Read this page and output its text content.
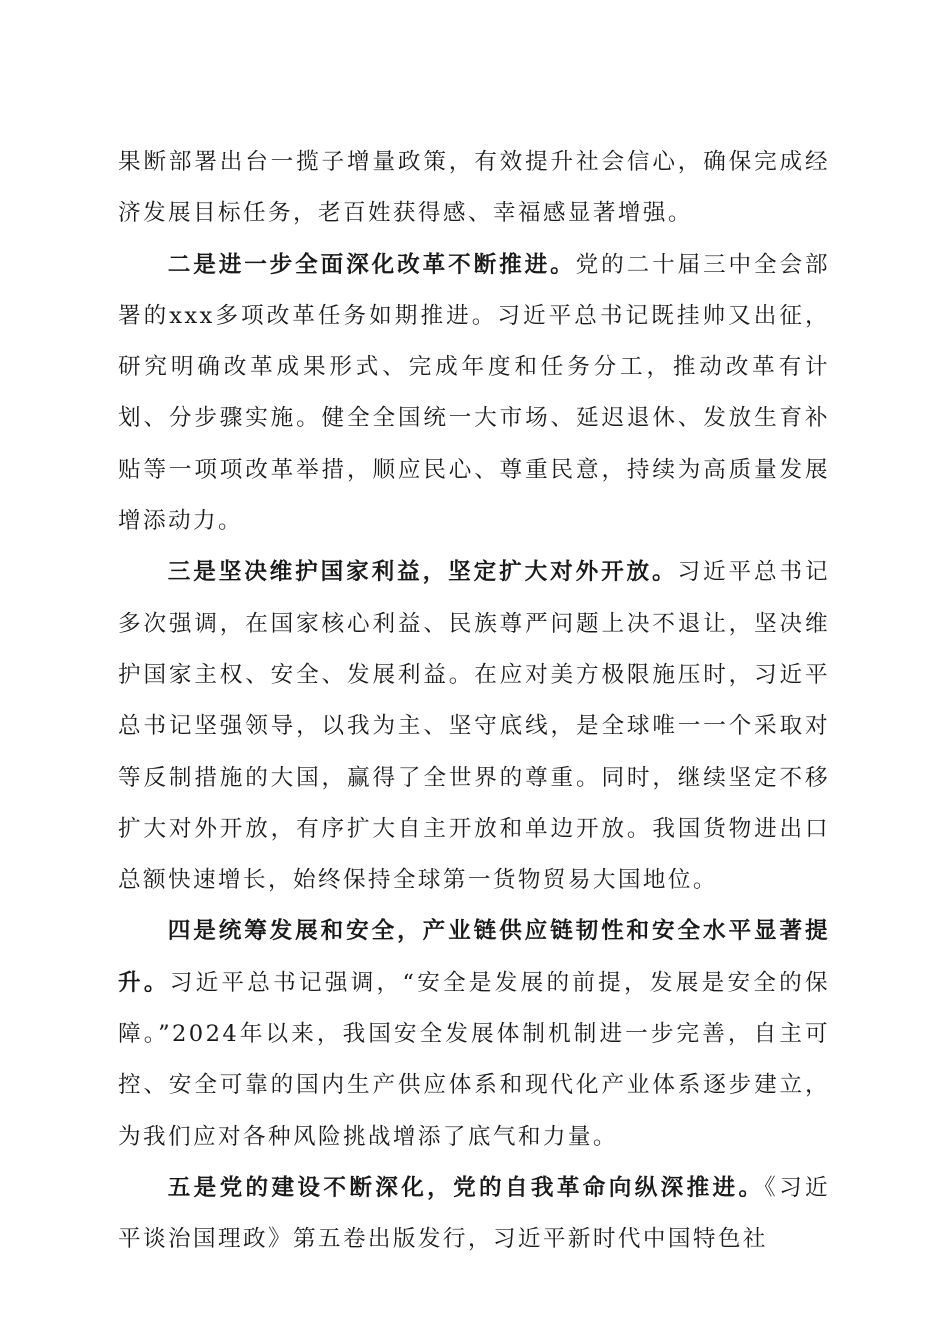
果断部署出台一揽子增量政策，有效提升社会信心，确保完成经济发展目标任务，老百姓获得感、幸福感显著增强。

二是进一步全面深化改革不断推进。党的二十届三中全会部署的xxx多项改革任务如期推进。习近平总书记既挂帅又出征，研究明确改革成果形式、完成年度和任务分工，推动改革有计划、分步骤实施。健全全国统一大市场、延迟退休、发放生育补贴等一项项改革举措，顺应民心、尊重民意，持续为高质量发展增添动力。

三是坚决维护国家利益，坚定扩大对外开放。习近平总书记多次强调，在国家核心利益、民族尊严问题上决不退让，坚决维护国家主权、安全、发展利益。在应对美方极限施压时，习近平总书记坚强领导，以我为主、坚守底线，是全球唯一一个采取对等反制措施的大国，赢得了全世界的尊重。同时，继续坚定不移扩大对外开放，有序扩大自主开放和单边开放。我国货物进出口总额快速增长，始终保持全球第一货物贸易大国地位。

四是统筹发展和安全，产业链供应链韧性和安全水平显著提升。习近平总书记强调，“安全是发展的前提，发展是安全的保障。”2024年以来，我国安全发展体制机制进一步完善，自主可控、安全可靠的国内生产供应体系和现代化产业体系逐步建立，为我们应对各种风险挑战增添了底气和力量。

五是党的建设不断深化，党的自我革命向纵深推进。《习近平谈治国理政》第五卷出版发行，习近平新时代中国特色社
